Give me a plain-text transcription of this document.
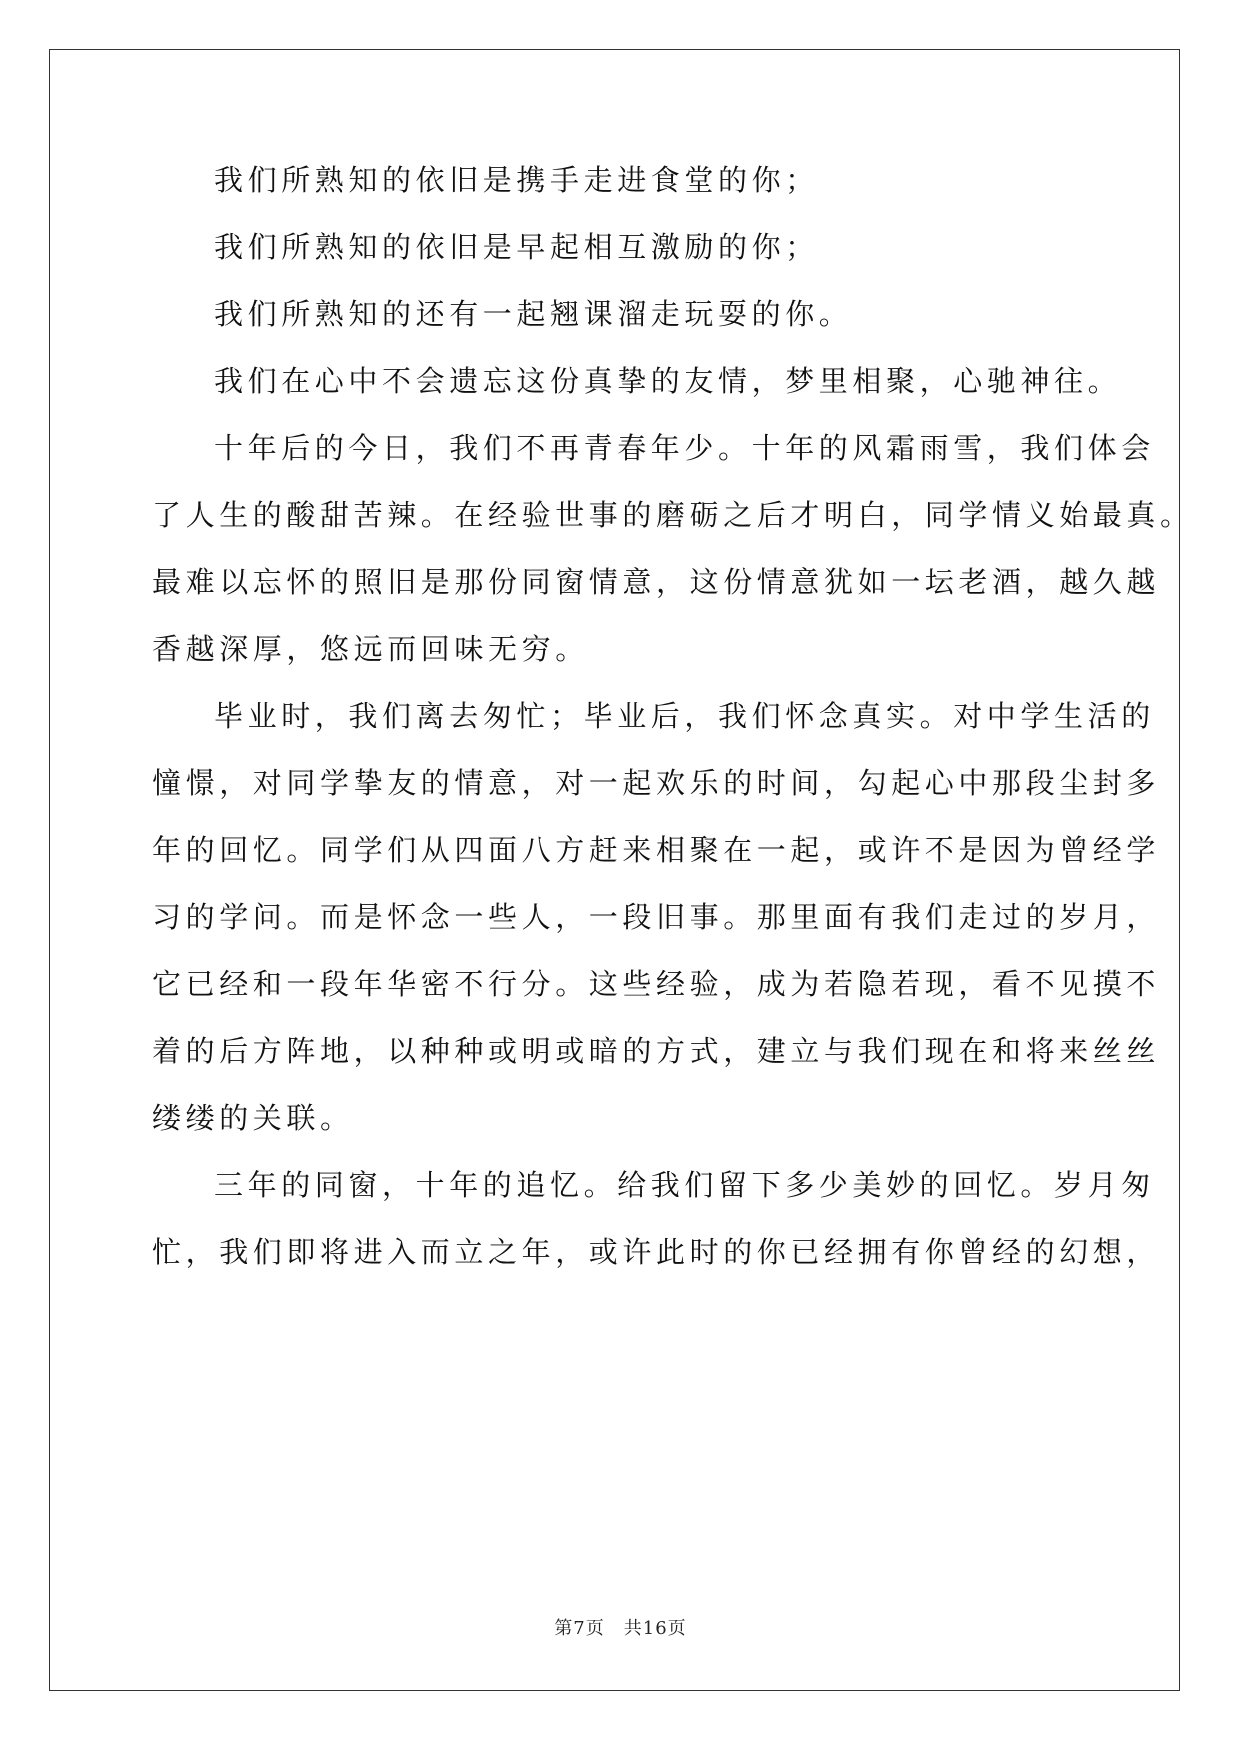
我们所熟知的依旧是携手走进食堂的你；
我们所熟知的依旧是早起相互激励的你；
我们所熟知的还有一起翘课溜走玩耍的你。
我们在心中不会遗忘这份真挚的友情，梦里相聚，心驰神往。
十年后的今日，我们不再青春年少。十年的风霜雨雪，我们体会
了人生的酸甜苦辣。在经验世事的磨砺之后才明白，同学情义始最真。
最难以忘怀的照旧是那份同窗情意，这份情意犹如一坛老酒，越久越
香越深厚，悠远而回味无穷。
毕业时，我们离去匆忙；毕业后，我们怀念真实。对中学生活的
憧憬，对同学挚友的情意，对一起欢乐的时间，勾起心中那段尘封多
年的回忆。同学们从四面八方赶来相聚在一起，或许不是因为曾经学
习的学问。而是怀念一些人，一段旧事。那里面有我们走过的岁月，
它已经和一段年华密不行分。这些经验，成为若隐若现，看不见摸不
着的后方阵地，以种种或明或暗的方式，建立与我们现在和将来丝丝
缕缕的关联。
三年的同窗，十年的追忆。给我们留下多少美妙的回忆。岁月匆
忙，我们即将进入而立之年，或许此时的你已经拥有你曾经的幻想，
第7页　共16页
